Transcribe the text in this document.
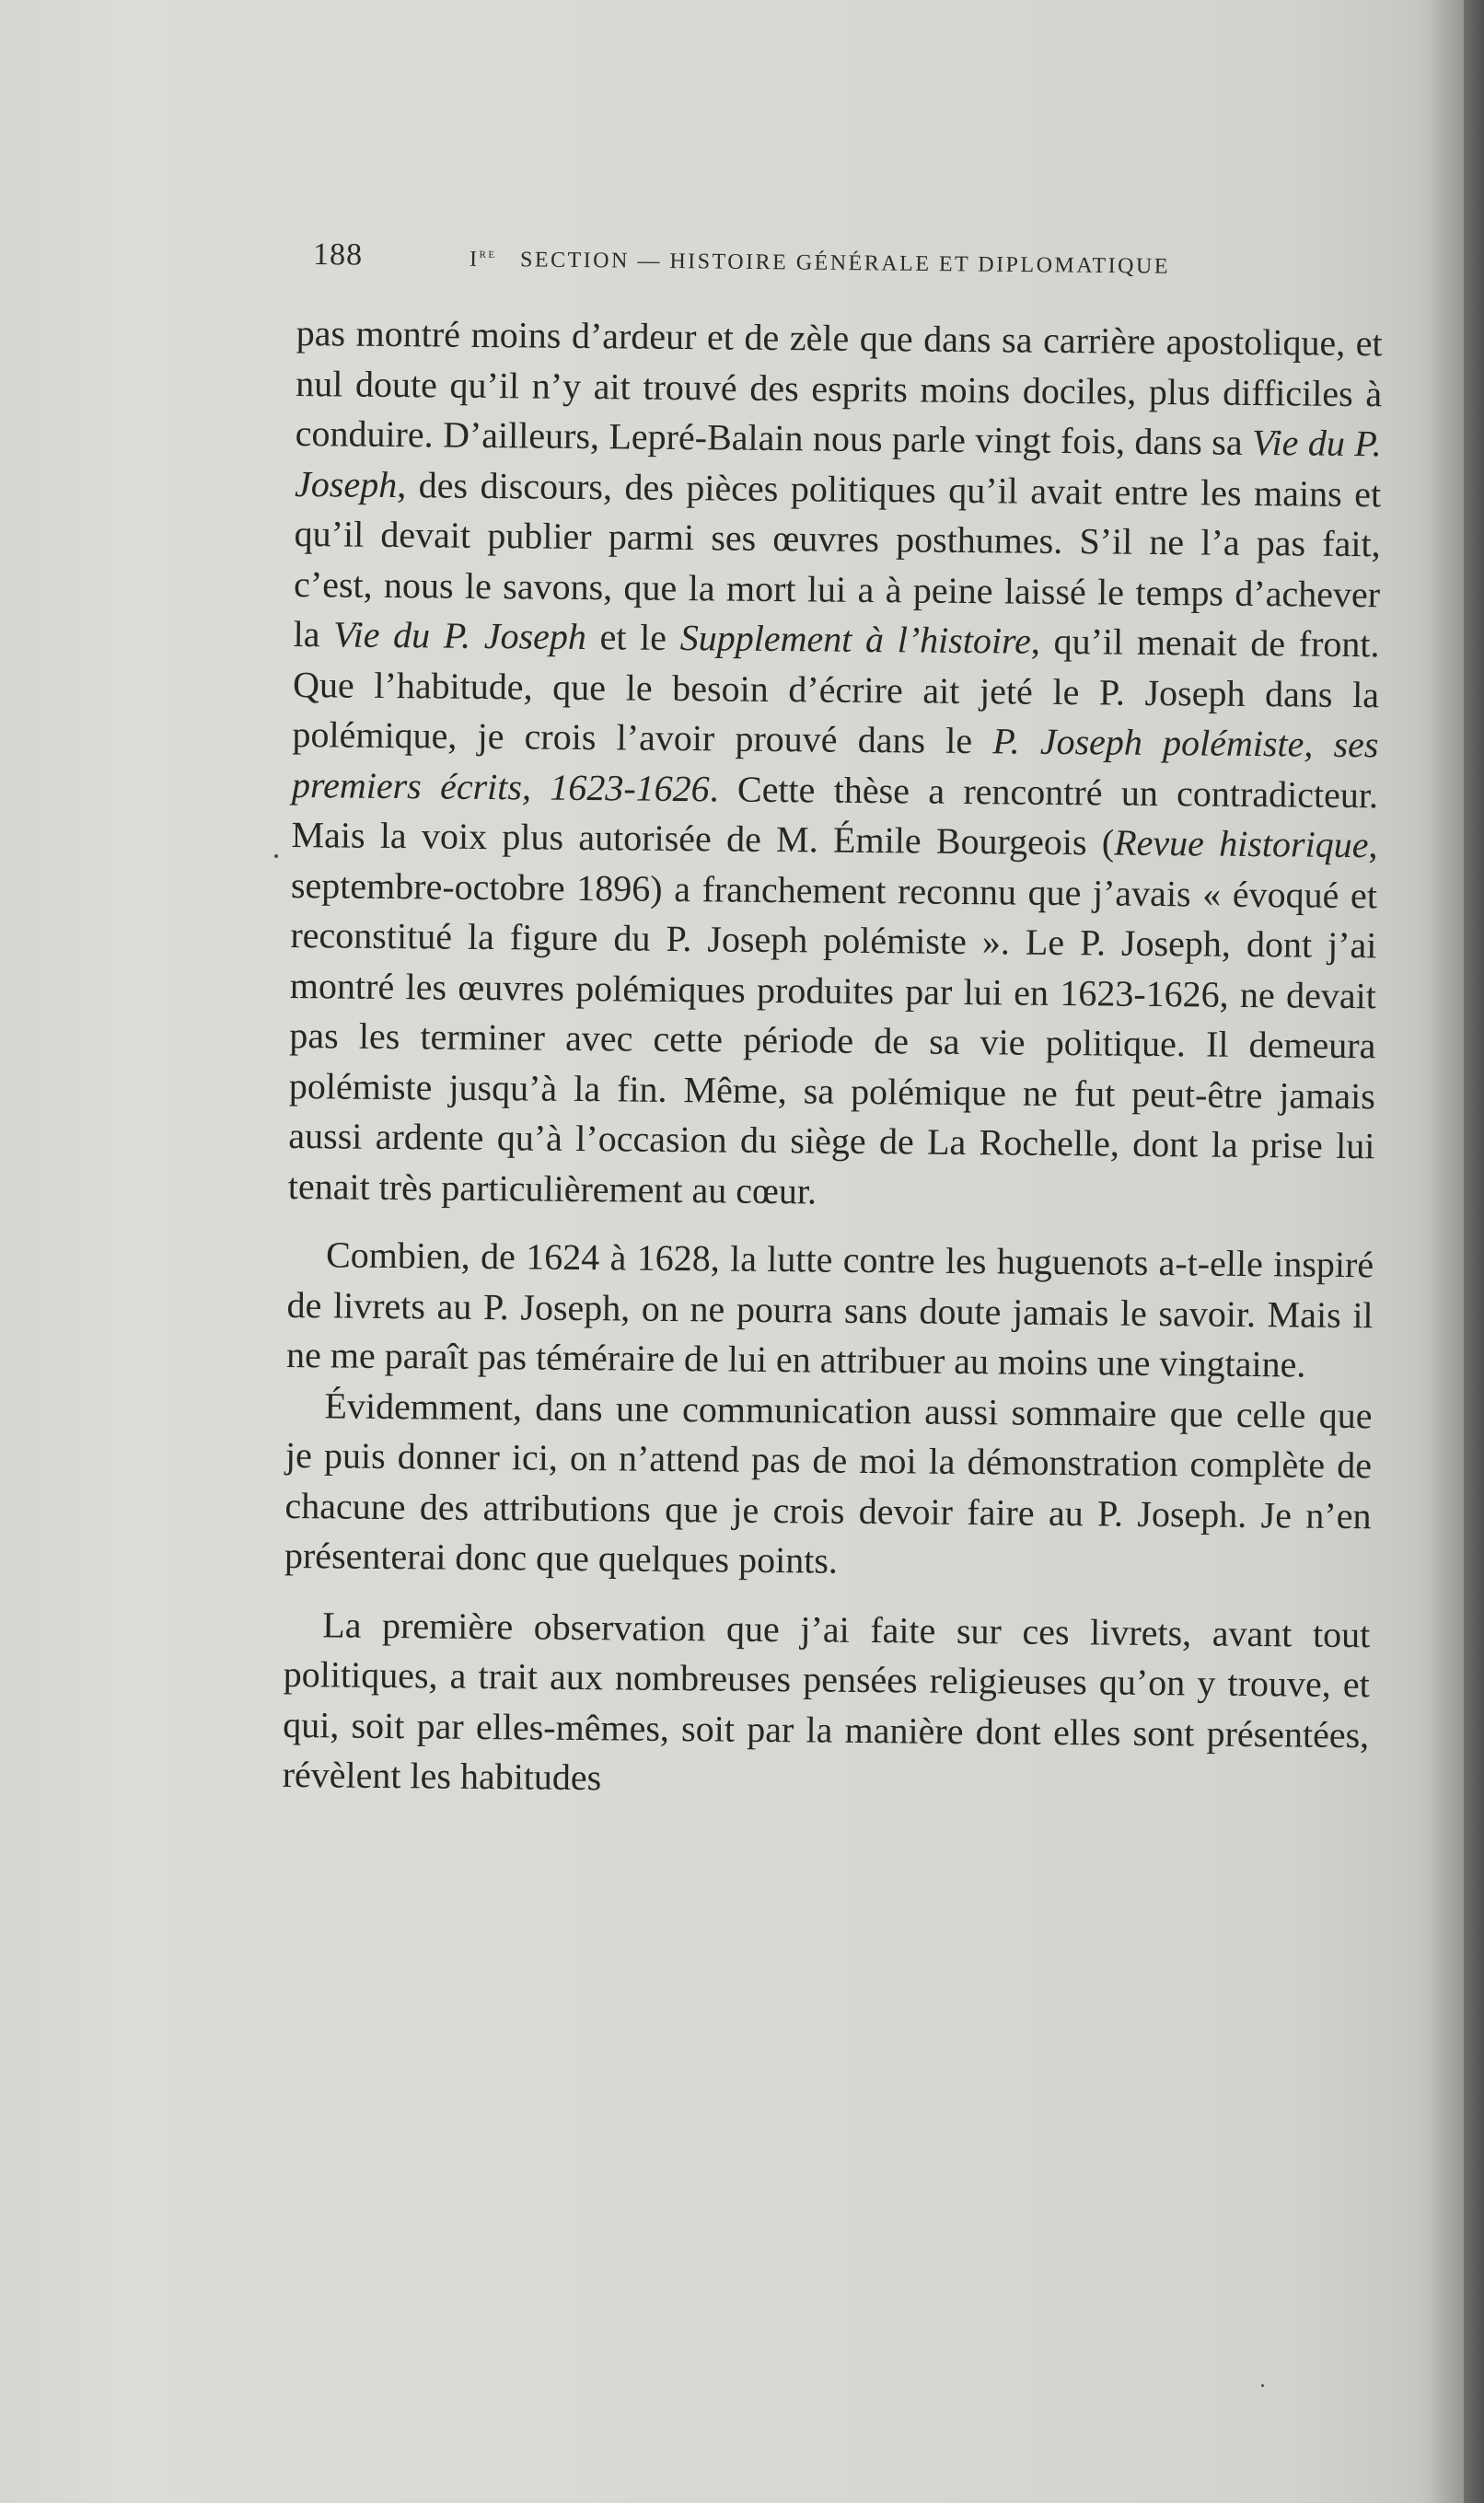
188	Ire SECTION — HISTOIRE GÉNÉRALE ET DIPLOMATIQUE

pas montré moins d’ardeur et de zèle que dans sa carrière apostolique, et nul doute qu’il n’y ait trouvé des esprits moins dociles, plus difficiles à conduire. D’ailleurs, Lepré-Balain nous parle vingt fois, dans sa Vie du P. Joseph, des discours, des pièces politiques qu’il avait entre les mains et qu’il devait publier parmi ses œuvres posthumes. S’il ne l’a pas fait, c’est, nous le savons, que la mort lui a à peine laissé le temps d’achever la Vie du P. Joseph et le Supplement à l’histoire, qu’il menait de front. Que l’habitude, que le besoin d’écrire ait jeté le P. Joseph dans la polémique, je crois l’avoir prouvé dans le P. Joseph polémiste, ses premiers écrits, 1623-1626. Cette thèse a rencontré un contradicteur. Mais la voix plus autorisée de M. Émile Bourgeois (Revue historique, septembre-octobre 1896) a franchement reconnu que j’avais « évoqué et reconstitué la figure du P. Joseph polémiste ». Le P. Joseph, dont j’ai montré les œuvres polémiques produites par lui en 1623-1626, ne devait pas les terminer avec cette période de sa vie politique. Il demeura polémiste jusqu’à la fin. Même, sa polémique ne fut peut-être jamais aussi ardente qu’à l’occasion du siège de La Rochelle, dont la prise lui tenait très particulièrement au cœur.

Combien, de 1624 à 1628, la lutte contre les huguenots a-t-elle inspiré de livrets au P. Joseph, on ne pourra sans doute jamais le savoir. Mais il ne me paraît pas téméraire de lui en attribuer au moins une vingtaine.

Évidemment, dans une communication aussi sommaire que celle que je puis donner ici, on n’attend pas de moi la démonstration complète de chacune des attributions que je crois devoir faire au P. Joseph. Je n’en présenterai donc que quelques points.

La première observation que j’ai faite sur ces livrets, avant tout politiques, a trait aux nombreuses pensées religieuses qu’on y trouve, et qui, soit par elles-mêmes, soit par la manière dont elles sont présentées, révèlent les habitudes
